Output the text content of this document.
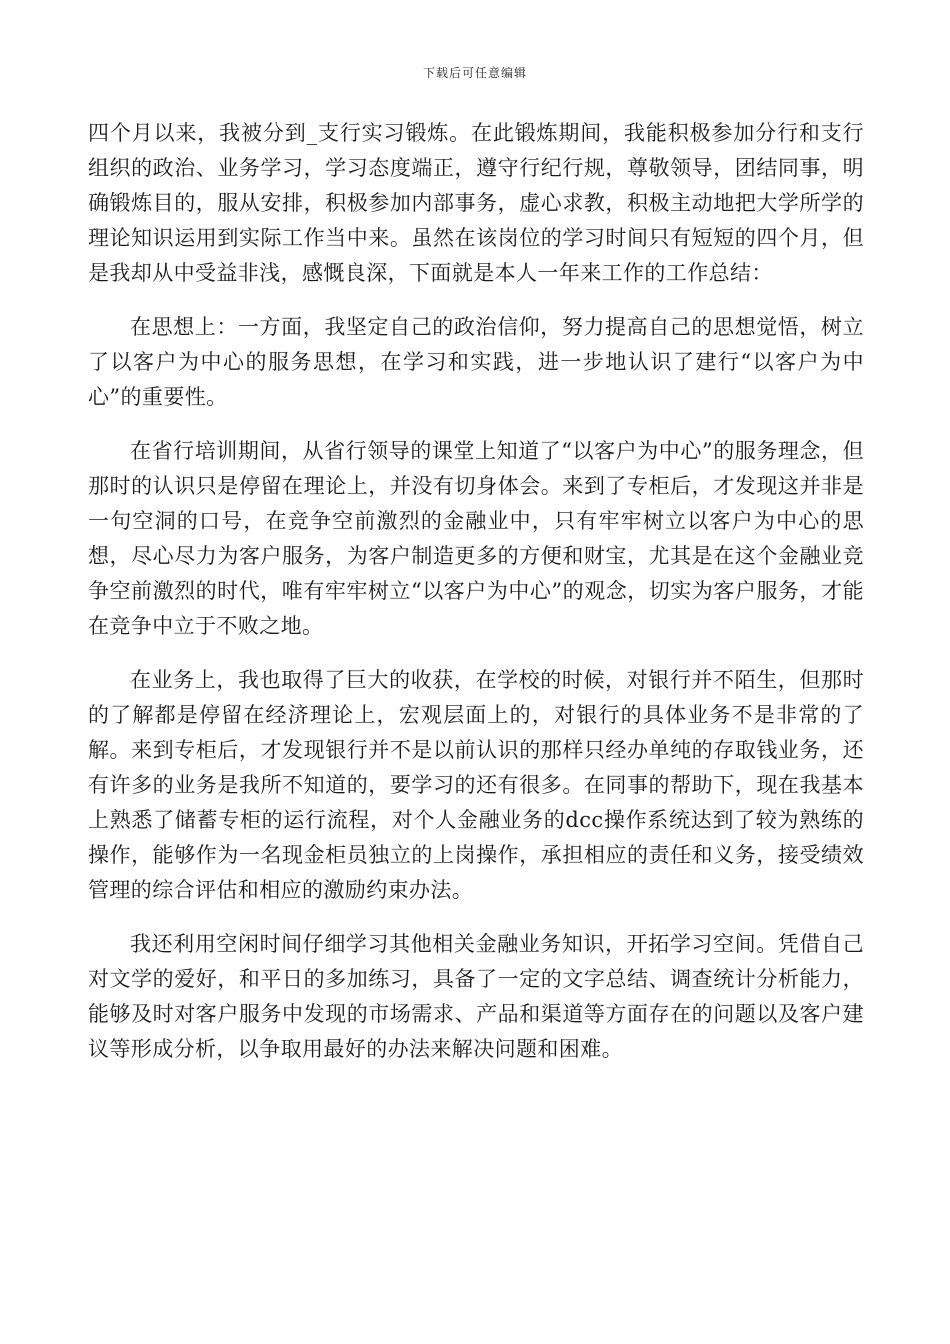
下载后可任意编辑

四个月以来，我被分到_支行实习锻炼。在此锻炼期间，我能积极参加分行和支行组织的政治、业务学习，学习态度端正，遵守行纪行规，尊敬领导，团结同事，明确锻炼目的，服从安排，积极参加内部事务，虚心求教，积极主动地把大学所学的理论知识运用到实际工作当中来。虽然在该岗位的学习时间只有短短的四个月，但是我却从中受益非浅，感慨良深，下面就是本人一年来工作的工作总结：

在思想上：一方面，我坚定自己的政治信仰，努力提高自己的思想觉悟，树立了以客户为中心的服务思想，在学习和实践，进一步地认识了建行“以客户为中心”的重要性。

在省行培训期间，从省行领导的课堂上知道了“以客户为中心”的服务理念，但那时的认识只是停留在理论上，并没有切身体会。来到了专柜后，才发现这并非是一句空洞的口号，在竞争空前激烈的金融业中，只有牢牢树立以客户为中心的思想，尽心尽力为客户服务，为客户制造更多的方便和财宝，尤其是在这个金融业竞争空前激烈的时代，唯有牢牢树立“以客户为中心”的观念，切实为客户服务，才能在竞争中立于不败之地。

在业务上，我也取得了巨大的收获，在学校的时候，对银行并不陌生，但那时的了解都是停留在经济理论上，宏观层面上的，对银行的具体业务不是非常的了解。来到专柜后，才发现银行并不是以前认识的那样只经办单纯的存取钱业务，还有许多的业务是我所不知道的，要学习的还有很多。在同事的帮助下，现在我基本上熟悉了储蓄专柜的运行流程，对个人金融业务的dcc操作系统达到了较为熟练的操作，能够作为一名现金柜员独立的上岗操作，承担相应的责任和义务，接受绩效管理的综合评估和相应的激励约束办法。

我还利用空闲时间仔细学习其他相关金融业务知识，开拓学习空间。凭借自己对文学的爱好，和平日的多加练习，具备了一定的文字总结、调查统计分析能力，能够及时对客户服务中发现的市场需求、产品和渠道等方面存在的问题以及客户建议等形成分析，以争取用最好的办法来解决问题和困难。
